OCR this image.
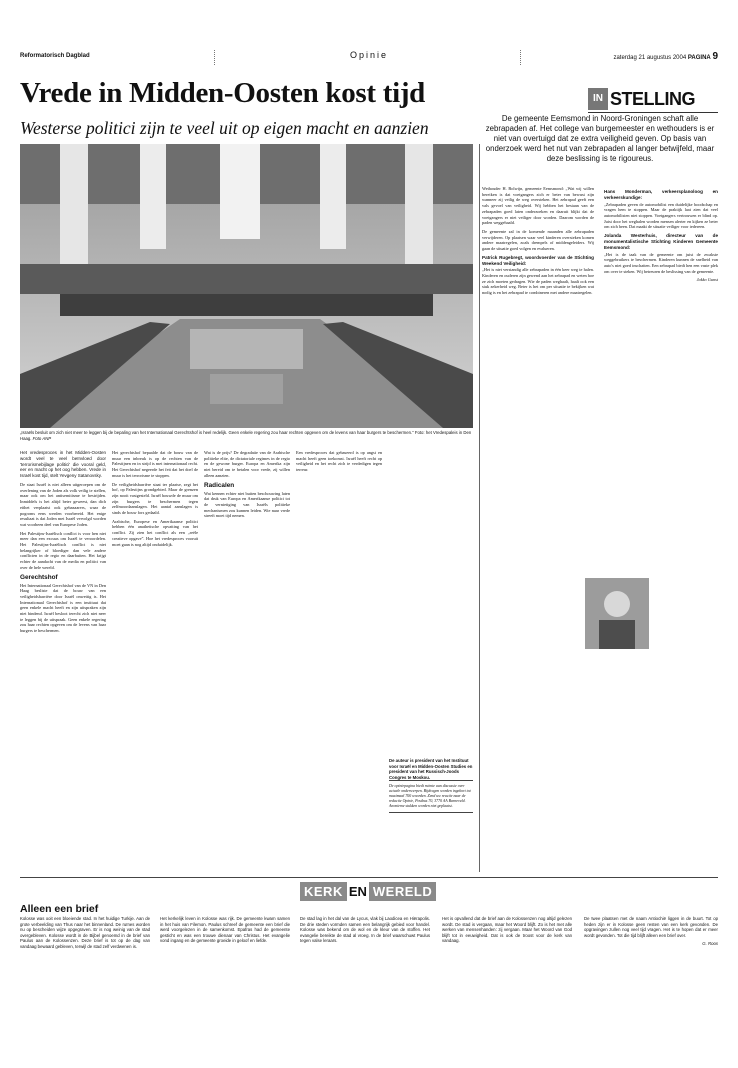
Reformatorisch Dagblad	Opinie	zaterdag 21 augustus 2004 PAGINA 9
Vrede in Midden-Oosten kost tijd
Westerse politici zijn te veel uit op eigen macht en aanzien
IN STELLING
De gemeente Eemsmond in Noord-Groningen schaft alle zebrapaden af. Het college van burgemeester en wethouders is er niet van overtuigd dat ze extra veiligheid geven. Op basis van onderzoek werd het nut van zebrapaden al langer betwijfeld, maar deze beslissing is te rigoureus.
„Israëls besluit om zich niet meer te leggen bij de bepaling van het Internationaal Gerechtshof is heel redelijk. Geen enkele regering zou haar rechten opgeven om de levens van haar burgers te beschermen.” Foto: het Vredespaleis in Den Haag. Foto ANP
Het vredesproces in het Midden-Oosten wordt veel te veel beïnvloed door 'terrorismebijlage politici' die vooral geld, eer en macht op het oog hebben. Vrede in Israël kost tijd, stelt Yevgeny Satanovsky.
De staat Israël is niet alleen uitgeroepen om de overlening van de Joden als volk veilig te stellen, maar ook om het antisemitisme te bestrijden. Inmiddels is het altijd beter geweest, dan dich eithet verplaatst ook gebazaarers, waar de pogroms eens werden voorbereid. Het enige resultaat is dat Joden met Israël vervolgd worden wat voorheen deel van Europese Joden.
Het Palestijns-Israëlisch conflict is voor hen niet meer dan een excuus om Israël te veroordelen. Het Palestijns-Israëlisch conflict is niet belangrijker of bloediger dan vele andere conflicten in de regio en daarbuiten. Het krijgt echter de aandacht van de media en politici van over de hele wereld.
Gerechtshof
Het Internationaal Gerechtshof van de VN in Den Haag besliste dat de bouw van een veiligheidsbarrière door Israël onwettig is. Het Internationaal Gerechtshof is een instituut dat geen enkele macht heeft en zijn uitspraken zijn niet bindend. Israël besloot terecht zich niet neer te leggen bij de uitspraak. Geen enkele regering zou haar rechten opgeven om de levens van haar burgers te beschermen.
Het gerechtshof bepaalde dat de bouw van de muur een inbreuk is op de rechten van de Palestijnen en in strijd is met internationaal recht. Het Gerechtshof negeerde het feit dat het doel de muur is het terrorisme te stoppen.
De veiligheidsbarrière staat ter plaatse, zegt het hof, op Palestijns grondgebied. Maar de grenzen zijn nooit vastgesteld. Israël bouwde de muur om zijn burgers te beschermen tegen zelfmoordaanslagen. Het aantal aanslagen is sinds de bouw fors gedaald.
Arabische, Europese en Amerikaanse politici hebben één anathetische opvatting van het conflict. Zij zien het conflict als een „reële creatieve opgave”. Hoe het vredesproces vooruit moet gaan is nog altijd onduidelijk.
Wat is de prijs? De degradatie van de Arabische politieke elite, de dictatoriale regimes in de regio en de gewone burger. Europa en Amerika zijn niet bereid om te betalen voor vrede, zij willen alleen aanzien.
Radicalen
Wat kennen echter niet buiten beschouwing laten dat druk van Europa en Amerikaanse politici tot de vernietiging van Israëls politieke mechanismen zou kunnen leiden. Wie naar vrede streeft moet tijd nemen.
Een vredesproces dat gebaseerd is op angst en macht heeft geen toekomst. Israël heeft recht op veiligheid en het recht zich te verdedigen tegen terreur.
De auteur is president van het Instituut voor Israël en Midden-Oosten Studies en president van het Russisch-Joods Congres te Moskou.
De opiniepagina biedt ruimte aan discussie over actuele onderwerpen. Bijdragen worden ingekort tot maximaal 700 woorden. Zend uw reactie naar de redactie Opinie, Postbus 70, 3770 AA Barneveld. Anonieme stukken worden niet geplaatst.
Wethouder H. Bolwijn, gemeente Eemsmond: „Wat wij willen bereiken is dat voetgangers zich er beter van bewust zijn wanneer zij veilig de weg oversteken. Het zebrapad geeft een vals gevoel van veiligheid. Wij hebben het bestaan van de zebrapaden goed laten onderzoeken en daaruit blijkt dat de voetgangers er niet veiliger door worden. Daarom worden de paden weggehaald.
De gemeente zal in de komende maanden alle zebrapaden verwijderen. Op plaatsen waar veel kinderen oversteken komen andere maatregelen, zoals drempels of middengeleiders. Wij gaan de situatie goed volgen en evalueren.
Patrick Rugebregt, woordvoerder van de Stichting Weekend Veiligheid:
„Het is niet verstandig alle zebrapaden in één keer weg te halen. Kinderen en ouderen zijn gewend aan het zebrapad en weten hoe ze zich moeten gedragen. Wie de paden weghaalt, haalt ook een stuk zekerheid weg. Beter is het om per situatie te bekijken wat nodig is en het zebrapad te combineren met andere maatregelen.
Hans Monderman, verkeersplanoloog en verkeerskundige:
„Zebrapaden geven de automobilist een duidelijke boodschap en vragen hem te stoppen. Maar de praktijk laat zien dat veel automobilisten niet stoppen. Voetgangers vertrouwen er blind op. Juist door het weghalen worden mensen alerter en kijken ze beter om zich heen. Dat maakt de situatie veiliger voor iedereen.
Jolanda Westerhuis, directeur van de monumentalistische Stichting Kinderen Gemeente Eemsmond:
„Het is de taak van de gemeente om juist de zwakste weggebruikers te beschermen. Kinderen kunnen de snelheid van auto's niet goed inschatten. Een zebrapad biedt hen een vaste plek om over te steken. Wij betreuren de beslissing van de gemeente.
Jakko Gunst
KERK EN WERELD
Alleen een brief
Kolosse was ooit een bloeiende stad. In het huidige Turkije. Aan de grote verbeelding van Thus naar het binnenland. De ruïnes worden nu op bescheiden wijze opgegraven. Er is nog weinig van de stad overgebleven. Kolosse wordt in de Bijbel genoemd in de brief van Paulus aan de Kolossenzen. Deze brief is tot op de dag van vandaag bewaard gebleven, terwijl de stad zelf verdwenen is.
Het kerkelijk leven in Kolosse was rijk. De gemeente kwam samen in het huis van Filemon. Paulus schreef de gemeente een brief die werd voorgelezen in de samenkomst. Epafras had de gemeente gesticht en was een trouwe dienaar van Christus. Het evangelie vond ingang en de gemeente groeide in geloof en liefde.
De stad lag in het dal van de Lycus, vlak bij Laodicea en Hiërapolis. De drie steden vormden samen een belangrijk gebied voor handel. Kolosse was bekend om de wol en de kleur van de stoffen. Het evangelie bereikte de stad al vroeg. In de brief waarschuwt Paulus tegen valse leraars.
Het is opvallend dat de brief aan de Kolossenzen nog altijd gelezen wordt. De stad is vergaan, maar het Woord blijft. Zo is het met alle werken van mensenhanden: zij vergaan. Maar het Woord van God blijft tot in eeuwigheid. Dat is ook de troost voor de kerk van vandaag.
De twee plaatsen met de naam Antiochië liggen in de buurt. Tot op heden zijn er in Kolosse geen resten van een kerk gevonden. De opgravingen zullen nog veel tijd vragen. Het is te hopen dat er meer wordt gevonden. Tot die tijd blijft alleen een brief over.
G. Roos
